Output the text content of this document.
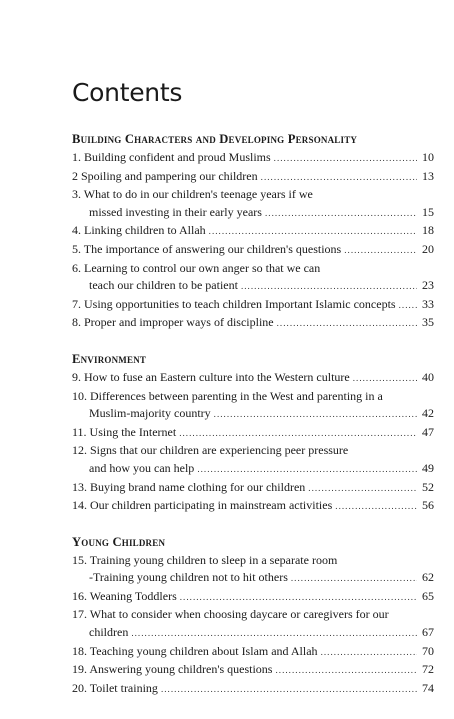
Contents
Building Characters and Developing Personality
1. Building confident and proud Muslims . . .	10
2 Spoiling and pampering our children . . .	13
3. What to do in our children's teenage years if we
missed investing in their early years . . .	15
4. Linking children to Allah . . .	18
5. The importance of answering our children's questions . . .	20
6. Learning to control our own anger so that we can
teach our children to be patient . . .	23
7. Using opportunities to teach children Important Islamic concepts . . . 33
8. Proper and improper ways of discipline . . .	35
Environment
9. How to fuse an Eastern culture into the Western culture . . .	40
10. Differences between parenting in the West and parenting in a
Muslim-majority country . . .	42
11. Using the Internet . . .	47
12. Signs that our children are experiencing peer pressure
and how you can help . . .	49
13. Buying brand name clothing for our children . . .	52
14. Our children participating in mainstream activities . . .	56
Young Children
15. Training young children to sleep in a separate room
-Training young children not to hit others . . .	62
16. Weaning Toddlers . . .	65
17. What to consider when choosing daycare or caregivers for our
children . . .	67
18. Teaching young children about Islam and Allah . . .	70
19. Answering young children's questions . . .	72
20. Toilet training . . .	74
